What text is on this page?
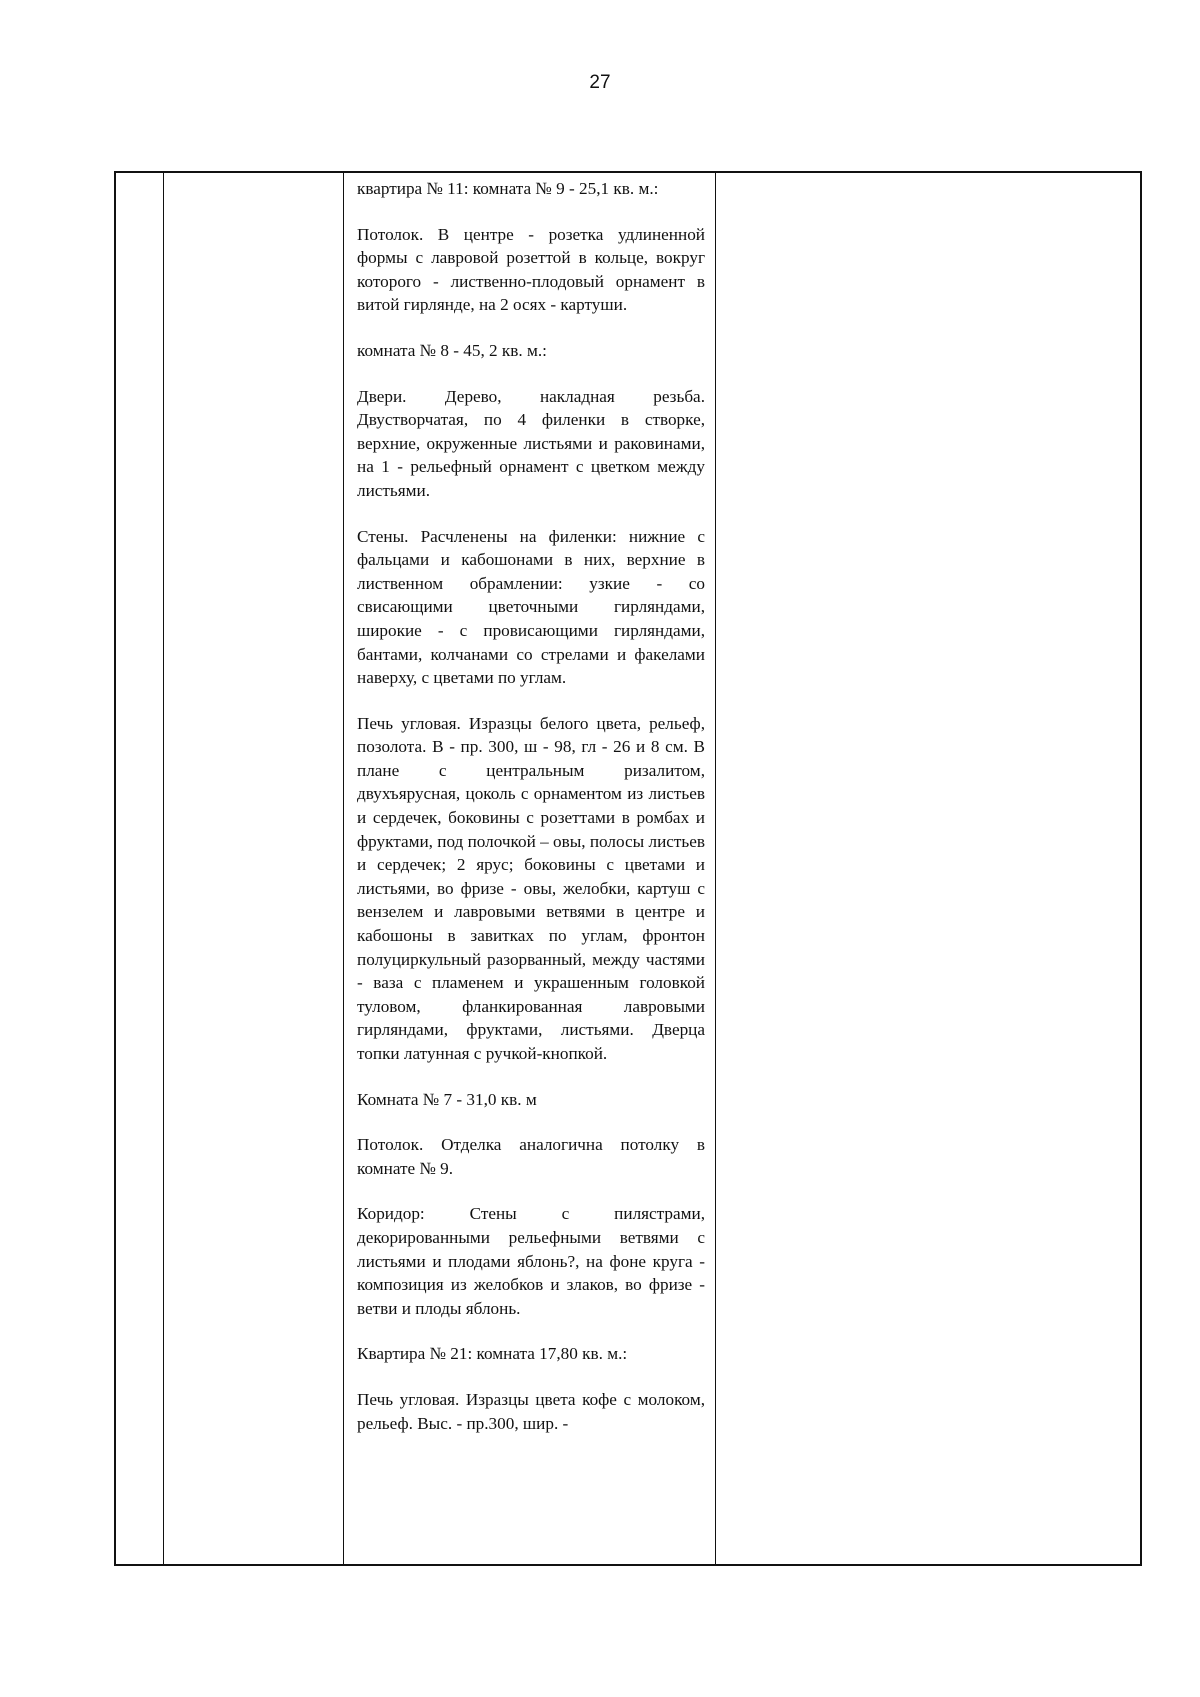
27

квартира № 11: комната № 9 - 25,1 кв. м.:

Потолок. В центре - розетка удлиненной формы с лавровой розеттой в кольце, вокруг которого - лиственно-плодовый орнамент в витой гирлянде, на 2 осях - картуши.

комната № 8 - 45, 2 кв. м.:

Двери. Дерево, накладная резьба. Двустворчатая, по 4 филенки в створке, верхние, окруженные листьями и раковинами, на 1 - рельефный орнамент с цветком между листьями.

Стены. Расчленены на филенки: нижние с фальцами и кабошонами в них, верхние в лиственном обрамлении: узкие - со свисающими цветочными гирляндами, широкие - с провисающими гирляндами, бантами, колчанами со стрелами и факелами наверху, с цветами по углам.

Печь угловая. Изразцы белого цвета, рельеф, позолота. В - пр. 300, ш - 98, гл - 26 и 8 см. В плане с центральным ризалитом, двухъярусная, цоколь с орнаментом из листьев и сердечек, боковины с розеттами в ромбах и фруктами, под полочкой – овы, полосы листьев и сердечек; 2 ярус; боковины с цветами и листьями, во фризе - овы, желобки, картуш с вензелем и лавровыми ветвями в центре и кабошоны в завитках по углам, фронтон полуциркульный разорванный, между частями - ваза с пламенем и украшенным головкой туловом, фланкированная лавровыми гирляндами, фруктами, листьями. Дверца топки латунная с ручкой-кнопкой.

Комната № 7 - 31,0 кв. м

Потолок. Отделка аналогична потолку в комнате № 9.

Коридор: Стены с пилястрами, декорированными рельефными ветвями с листьями и плодами яблонь?, на фоне круга - композиция из желобков и злаков, во фризе - ветви и плоды яблонь.

Квартира № 21: комната 17,80 кв. м.:

Печь угловая. Изразцы цвета кофе с молоком, рельеф. Выс. - пр.300, шир. -
